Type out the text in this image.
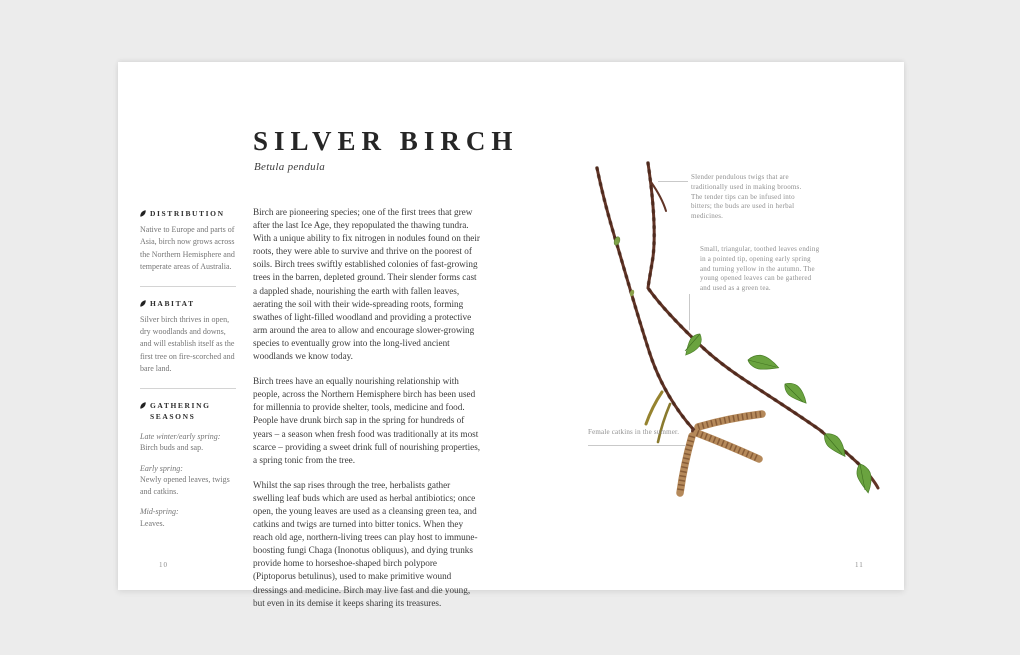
SILVER BIRCH
Betula pendula
DISTRIBUTION
Native to Europe and parts of Asia, birch now grows across the Northern Hemisphere and temperate areas of Australia.
HABITAT
Silver birch thrives in open, dry woodlands and downs, and will establish itself as the first tree on fire-scorched and bare land.
GATHERING SEASONS
Late winter/early spring:
Birch buds and sap.
Early spring:
Newly opened leaves, twigs and catkins.
Mid-spring:
Leaves.

Birch are pioneering species; one of the first trees that grew after the last Ice Age, they repopulated the thawing tundra. With a unique ability to fix nitrogen in nodules found on their roots, they were able to survive and thrive on the poorest of soils. Birch trees swiftly established colonies of fast-growing trees in the barren, depleted ground. Their slender forms cast a dappled shade, nourishing the earth with fallen leaves, aerating the soil with their wide-spreading roots, forming swathes of light-filled woodland and providing a protective arm around the area to allow and encourage slower-growing species to eventually grow into the long-lived ancient woodlands we know today.

Birch trees have an equally nourishing relationship with people, across the Northern Hemisphere birch has been used for millennia to provide shelter, tools, medicine and food. People have drunk birch sap in the spring for hundreds of years – a season when fresh food was traditionally at its most scarce – providing a sweet drink full of nourishing properties, a spring tonic from the tree.

Whilst the sap rises through the tree, herbalists gather swelling leaf buds which are used as herbal antibiotics; once open, the young leaves are used as a cleansing green tea, and catkins and twigs are turned into bitter tonics. When they reach old age, northern-living trees can play host to immune-boosting fungi Chaga (Inonotus obliquus), and dying trunks provide home to horseshoe-shaped birch polypore (Piptoporus betulinus), used to make primitive wound dressings and medicine. Birch may live fast and die young, but even in its demise it keeps sharing its treasures.

10
Slender pendulous twigs that are traditionally used in making brooms. The tender tips can be infused into bitters; the buds are used in herbal medicines.
Small, triangular, toothed leaves ending in a pointed tip, opening early spring and turning yellow in the autumn. The young opened leaves can be gathered and used as a green tea.
Female catkins in the summer.
11
